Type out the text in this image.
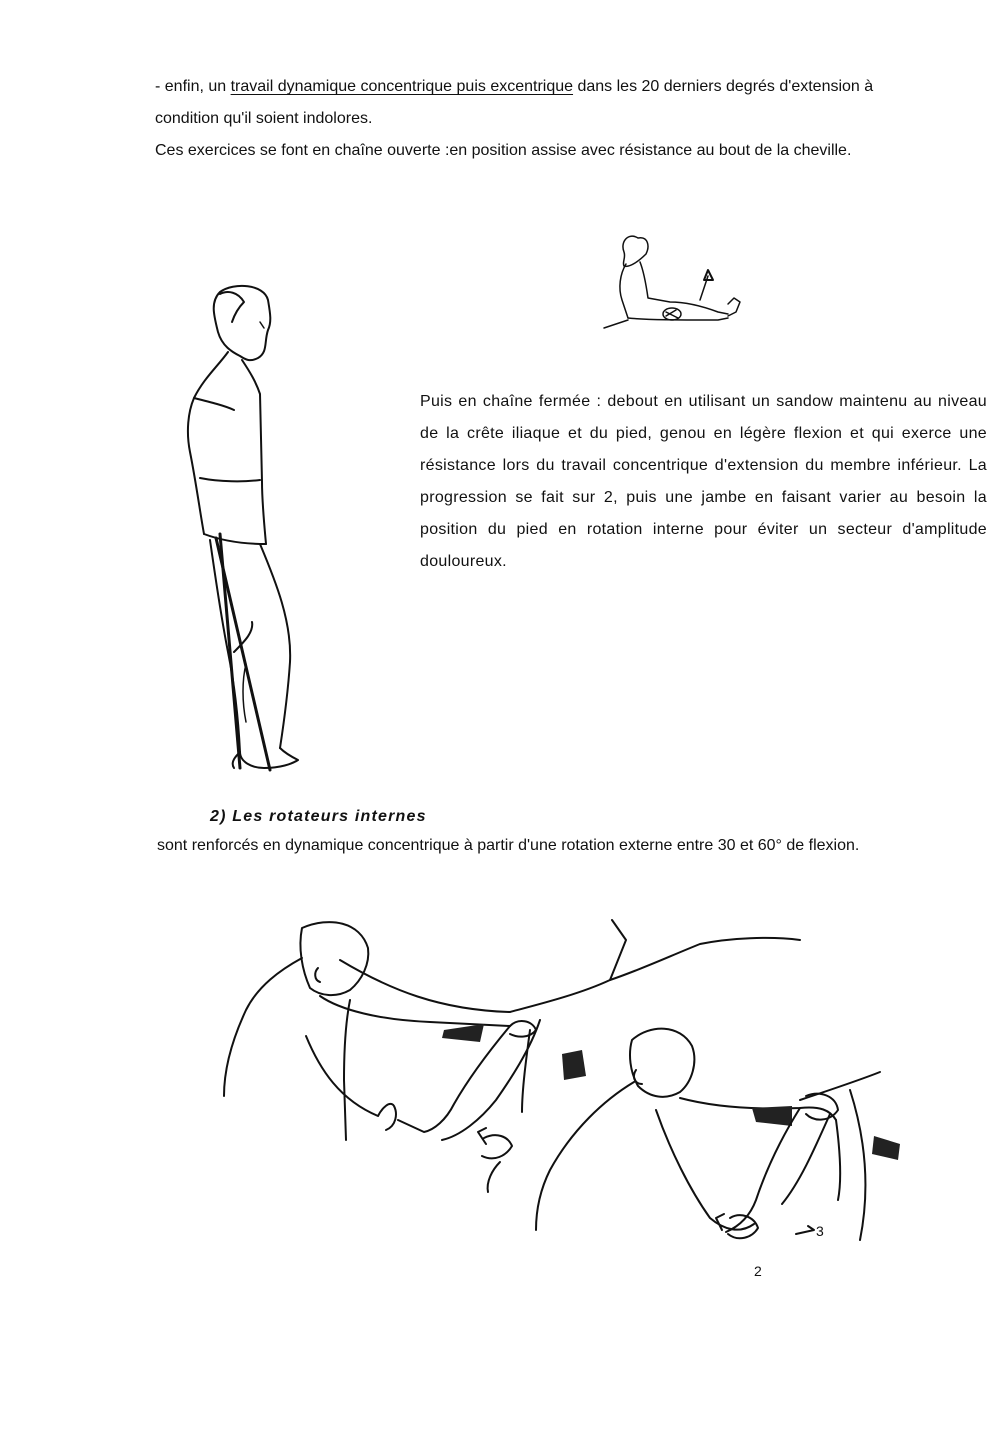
- enfin, un travail dynamique concentrique puis excentrique dans les 20 derniers degrés d'extension à
condition qu'il soient indolores.
Ces exercices se font en chaîne ouverte :en position assise avec résistance au bout de la cheville.
Puis en chaîne fermée : debout en utilisant un sandow maintenu au niveau de la crête iliaque et du pied, genou en légère flexion et qui exerce une résistance lors du travail concentrique d'extension du membre inférieur. La progression se fait sur 2, puis une jambe en faisant varier au besoin la position du pied en rotation interne pour éviter un secteur d'amplitude douloureux.
2) Les rotateurs internes
sont renforcés en dynamique concentrique à partir d'une rotation externe entre 30 et 60° de flexion.
2
3
